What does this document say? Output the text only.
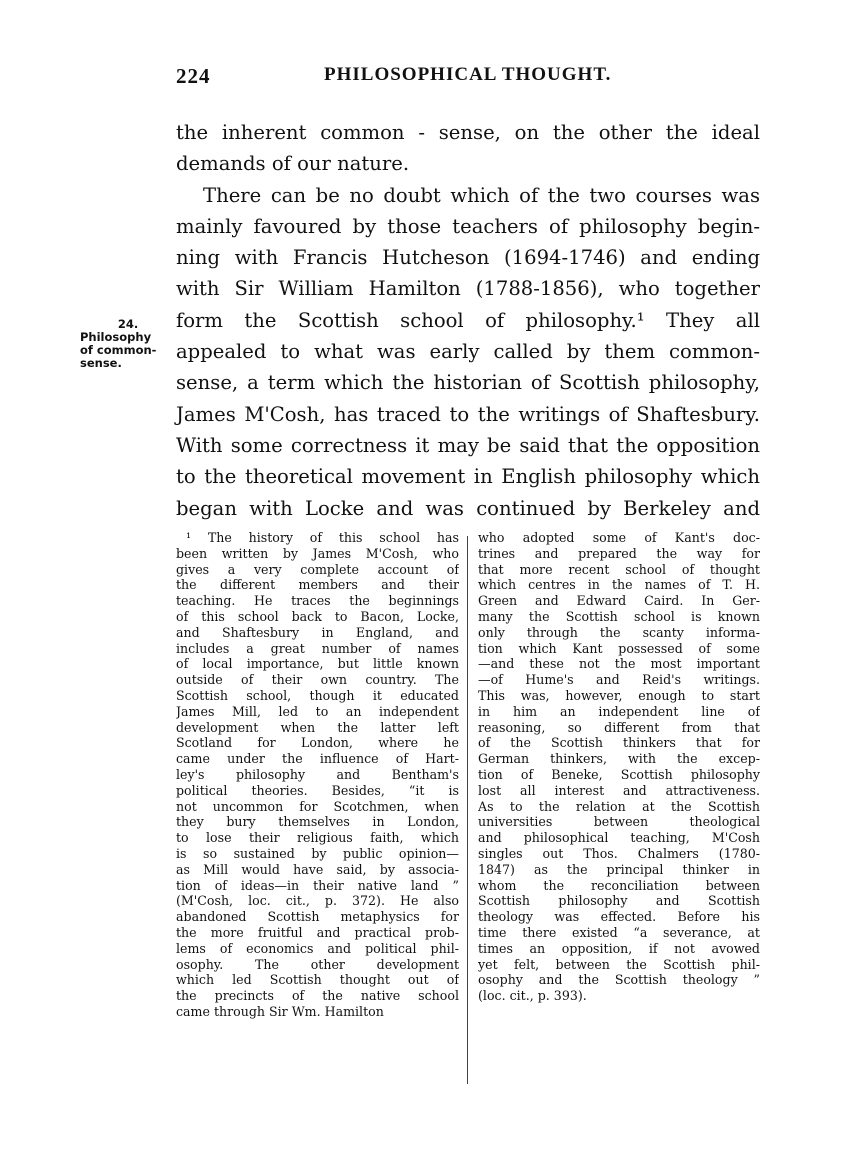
224	PHILOSOPHICAL THOUGHT.
24.
Philosophy
of common-
sense.
the inherent common - sense, on the other the ideal
demands of our nature.
There can be no doubt which of the two courses was
mainly favoured by those teachers of philosophy begin-
ning with Francis Hutcheson (1694-1746) and ending
with Sir William Hamilton (1788-1856), who together
form the Scottish school of philosophy.¹ They all
appealed to what was early called by them common-
sense, a term which the historian of Scottish philosophy,
James M'Cosh, has traced to the writings of Shaftesbury.
With some correctness it may be said that the opposition
to the theoretical movement in English philosophy which
began with Locke and was continued by Berkeley and
¹ The history of this school has
been written by James M'Cosh, who
gives a very complete account of
the different members and their
teaching. He traces the beginnings
of this school back to Bacon, Locke,
and Shaftesbury in England, and
includes a great number of names
of local importance, but little known
outside of their own country. The
Scottish school, though it educated
James Mill, led to an independent
development when the latter left
Scotland for London, where he
came under the influence of Hart-
ley's philosophy and Bentham's
political theories. Besides, “it is
not uncommon for Scotchmen, when
they bury themselves in London,
to lose their religious faith, which
is so sustained by public opinion—
as Mill would have said, by associa-
tion of ideas—in their native land ”
(M'Cosh, loc. cit., p. 372). He also
abandoned Scottish metaphysics for
the more fruitful and practical prob-
lems of economics and political phil-
osophy. The other development
which led Scottish thought out of
the precincts of the native school
came through Sir Wm. Hamilton
who adopted some of Kant's doc-
trines and prepared the way for
that more recent school of thought
which centres in the names of T. H.
Green and Edward Caird. In Ger-
many the Scottish school is known
only through the scanty informa-
tion which Kant possessed of some
—and these not the most important
—of Hume's and Reid's writings.
This was, however, enough to start
in him an independent line of
reasoning, so different from that
of the Scottish thinkers that for
German thinkers, with the excep-
tion of Beneke, Scottish philosophy
lost all interest and attractiveness.
As to the relation at the Scottish
universities between theological
and philosophical teaching, M'Cosh
singles out Thos. Chalmers (1780-
1847) as the principal thinker in
whom the reconciliation between
Scottish philosophy and Scottish
theology was effected. Before his
time there existed “a severance, at
times an opposition, if not avowed
yet felt, between the Scottish phil-
osophy and the Scottish theology ”
(loc. cit., p. 393).
